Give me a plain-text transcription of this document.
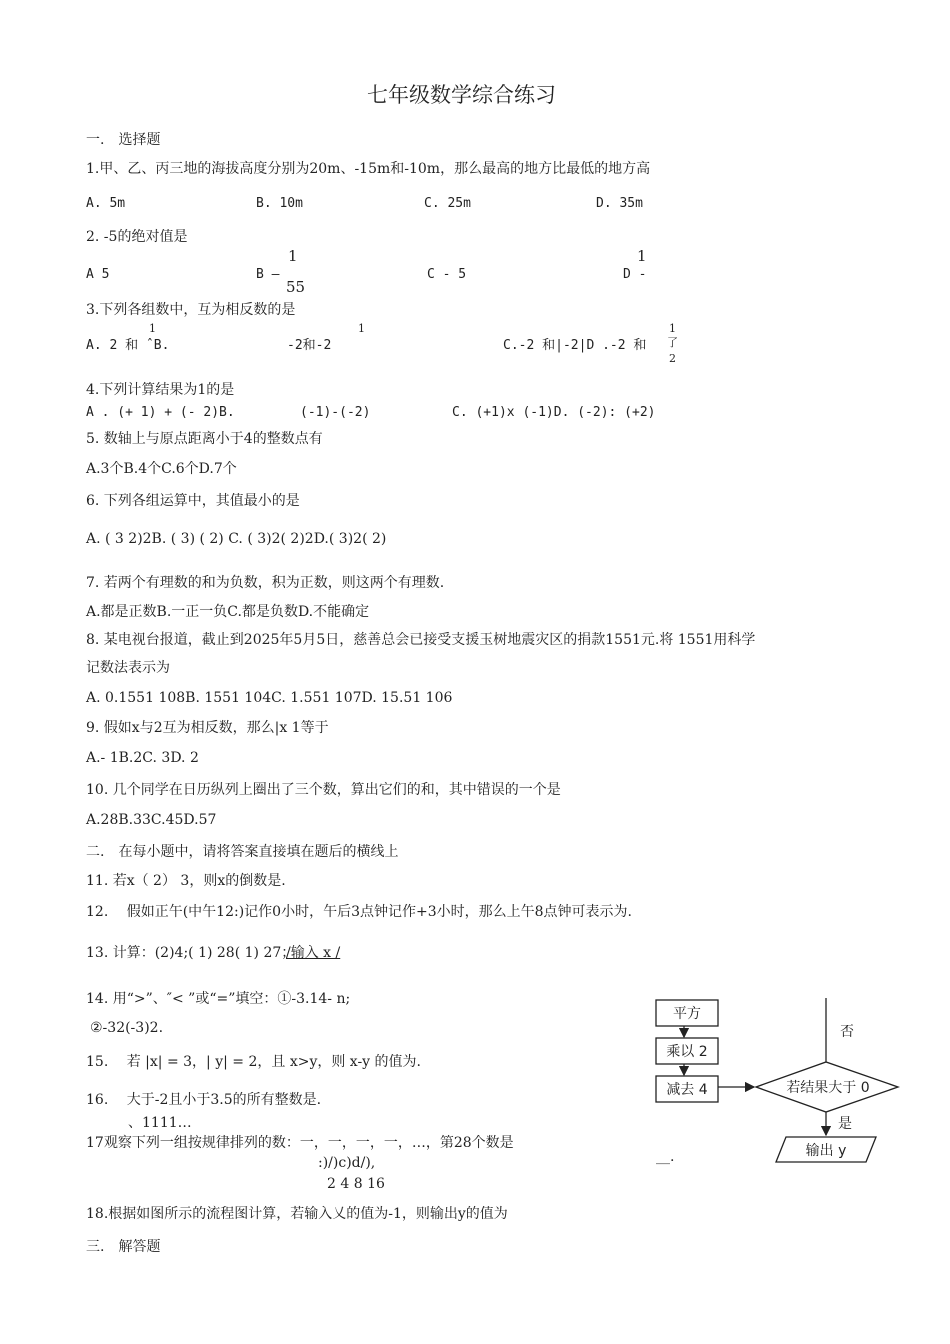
七年级数学综合练习
一.　选择题
1.甲、乙、丙三地的海拔高度分别为20m、-15m和-10m，那么最高的地方比最低的地方高
A. 5m	B. 10m	C. 25m	D. 35m
2. -5的绝对值是
A 5
1
B —
55
C - 5
1
D -
3.下列各组数中，互为相反数的是
1
A. 2 和 ˆB.
1
-2和-2	C.-2 和|-2|D .-2 和
1
了
2
4.下列计算结果为1的是
A . (+ 1) + (- 2)B.	(-1)-(-2)	C. (+1)x (-1)D. (-2): (+2)
5. 数轴上与原点距离小于4的整数点有
A.3个B.4个C.6个D.7个
6. 下列各组运算中，其值最小的是
A. ( 3 2)2B. ( 3) ( 2) C. ( 3)2( 2)2D.( 3)2( 2)
7. 若两个有理数的和为负数，积为正数，则这两个有理数.
A.都是正数B.一正一负C.都是负数D.不能确定
8. 某电视台报道，截止到2025年5月5日，慈善总会已接受支援玉树地震灾区的捐款1551元.将 1551用科学
记数法表示为
A. 0.1551 108B. 1551 104C. 1.551 107D. 15.51 106
9. 假如x与2互为相反数，那么|x 1等于
A.- 1B.2C. 3D. 2
10. 几个同学在日历纵列上圈出了三个数，算出它们的和，其中错误的一个是
A.28B.33C.45D.57
二.　在每小题中，请将答案直接填在题后的横线上
11. 若x（ 2） 3，则x的倒数是.
12.　 假如正午(中午12:)记作0小时，午后3点钟记作+3小时，那么上午8点钟可表示为.
13. 计算：(2)4;( 1) 28( 1) 27；
/输入 x /
14. 用“>”、″< ”或“=”填空：①-3.14- n;
②-32(-3)2.
15.　 若 |x| = 3，| y| = 2，且 x>y，则 x-y 的值为.
16.　 大于-2且小于3.5的所有整数是.
、1111…
17观察下列一组按规律排列的数：一，一，一，一，…，第28个数是
:)/)c)d/),
2 4 8 16
__.
18.根据如图所示的流程图计算，若输入乂的值为-1，则输出y的值为
三.　解答题
平方
乘以 2
减去 4	若结果大于 0
否
是
输出 y
